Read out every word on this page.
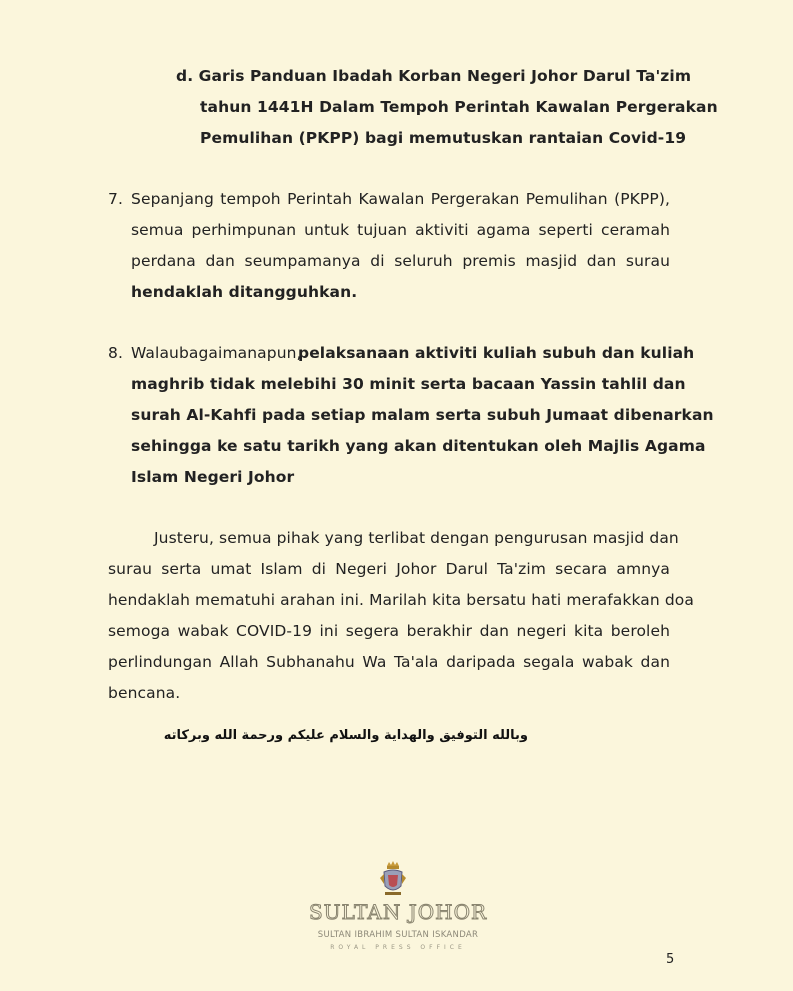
d. Garis Panduan Ibadah Korban Negeri Johor Darul Ta'zim
tahun 1441H Dalam Tempoh Perintah Kawalan Pergerakan
Pemulihan (PKPP) bagi memutuskan rantaian Covid-19
7. Sepanjang tempoh Perintah Kawalan Pergerakan Pemulihan (PKPP),
semua perhimpunan untuk tujuan aktiviti agama seperti ceramah
perdana dan seumpamanya di seluruh premis masjid dan surau
hendaklah ditangguhkan.
8. Walaubagaimanapun,
pelaksanaan aktiviti kuliah subuh dan kuliah
maghrib tidak melebihi 30 minit serta bacaan Yassin tahlil dan
surah Al-Kahfi pada setiap malam serta subuh Jumaat dibenarkan
sehingga ke satu tarikh yang akan ditentukan oleh Majlis Agama
Islam Negeri Johor
Justeru, semua pihak yang terlibat dengan pengurusan masjid dan
surau serta umat Islam di Negeri Johor Darul Ta'zim secara amnya
hendaklah mematuhi arahan ini. Marilah kita bersatu hati merafakkan doa
semoga wabak COVID-19 ini segera berakhir dan negeri kita beroleh
perlindungan Allah Subhanahu Wa Ta'ala daripada segala wabak dan
bencana.
وبالله التوفيق والهداية والسلام عليكم ورحمة الله وبركاته
SULTAN JOHOR
SULTAN IBRAHIM SULTAN ISKANDAR
ROYAL PRESS OFFICE
5
